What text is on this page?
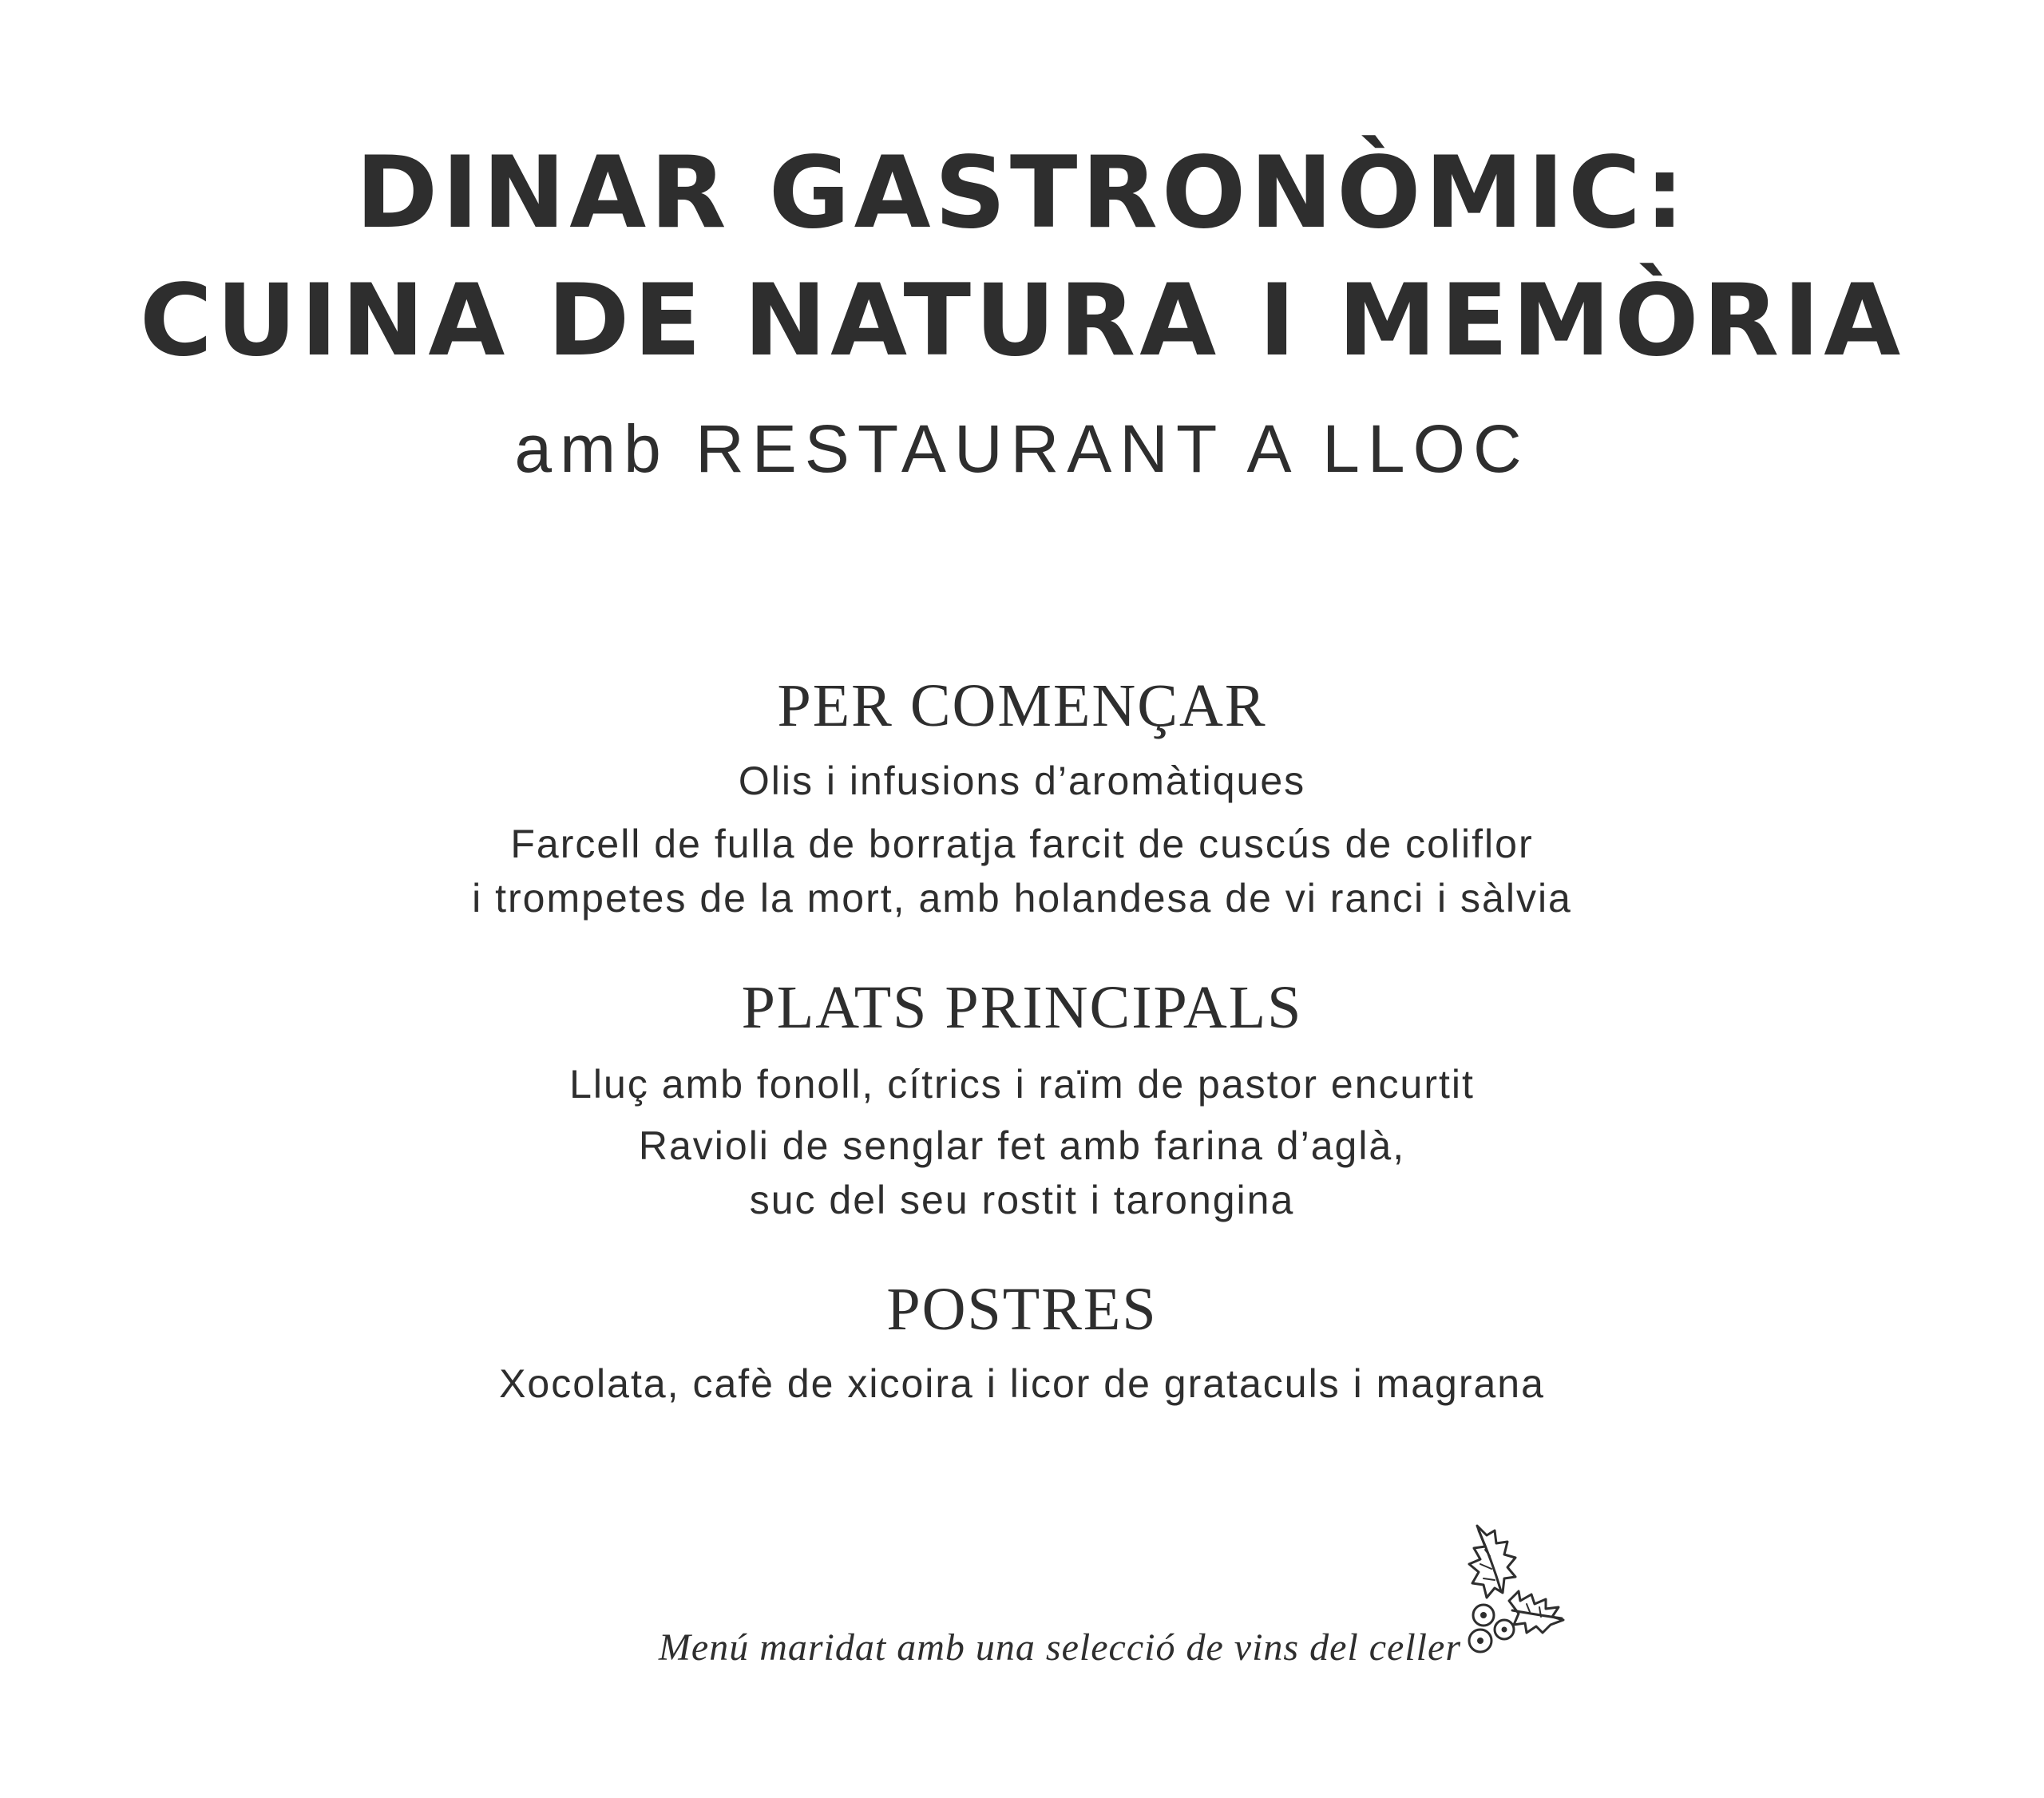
DINAR GASTRONÒMIC:
CUINA DE NATURA I MEMÒRIA
amb RESTAURANT A LLOC
PER COMENÇAR
Olis i infusions d’aromàtiques
Farcell de fulla de borratja farcit de cuscús de coliflor
i trompetes de la mort, amb holandesa de vi ranci i sàlvia
PLATS PRINCIPALS
Lluç amb fonoll, cítrics i raïm de pastor encurtit
Ravioli de senglar fet amb farina d’aglà,
suc del seu rostit i tarongina
POSTRES
Xocolata, cafè de xicoira i licor de grataculs i magrana
Menú maridat amb una selecció de vins del celler
